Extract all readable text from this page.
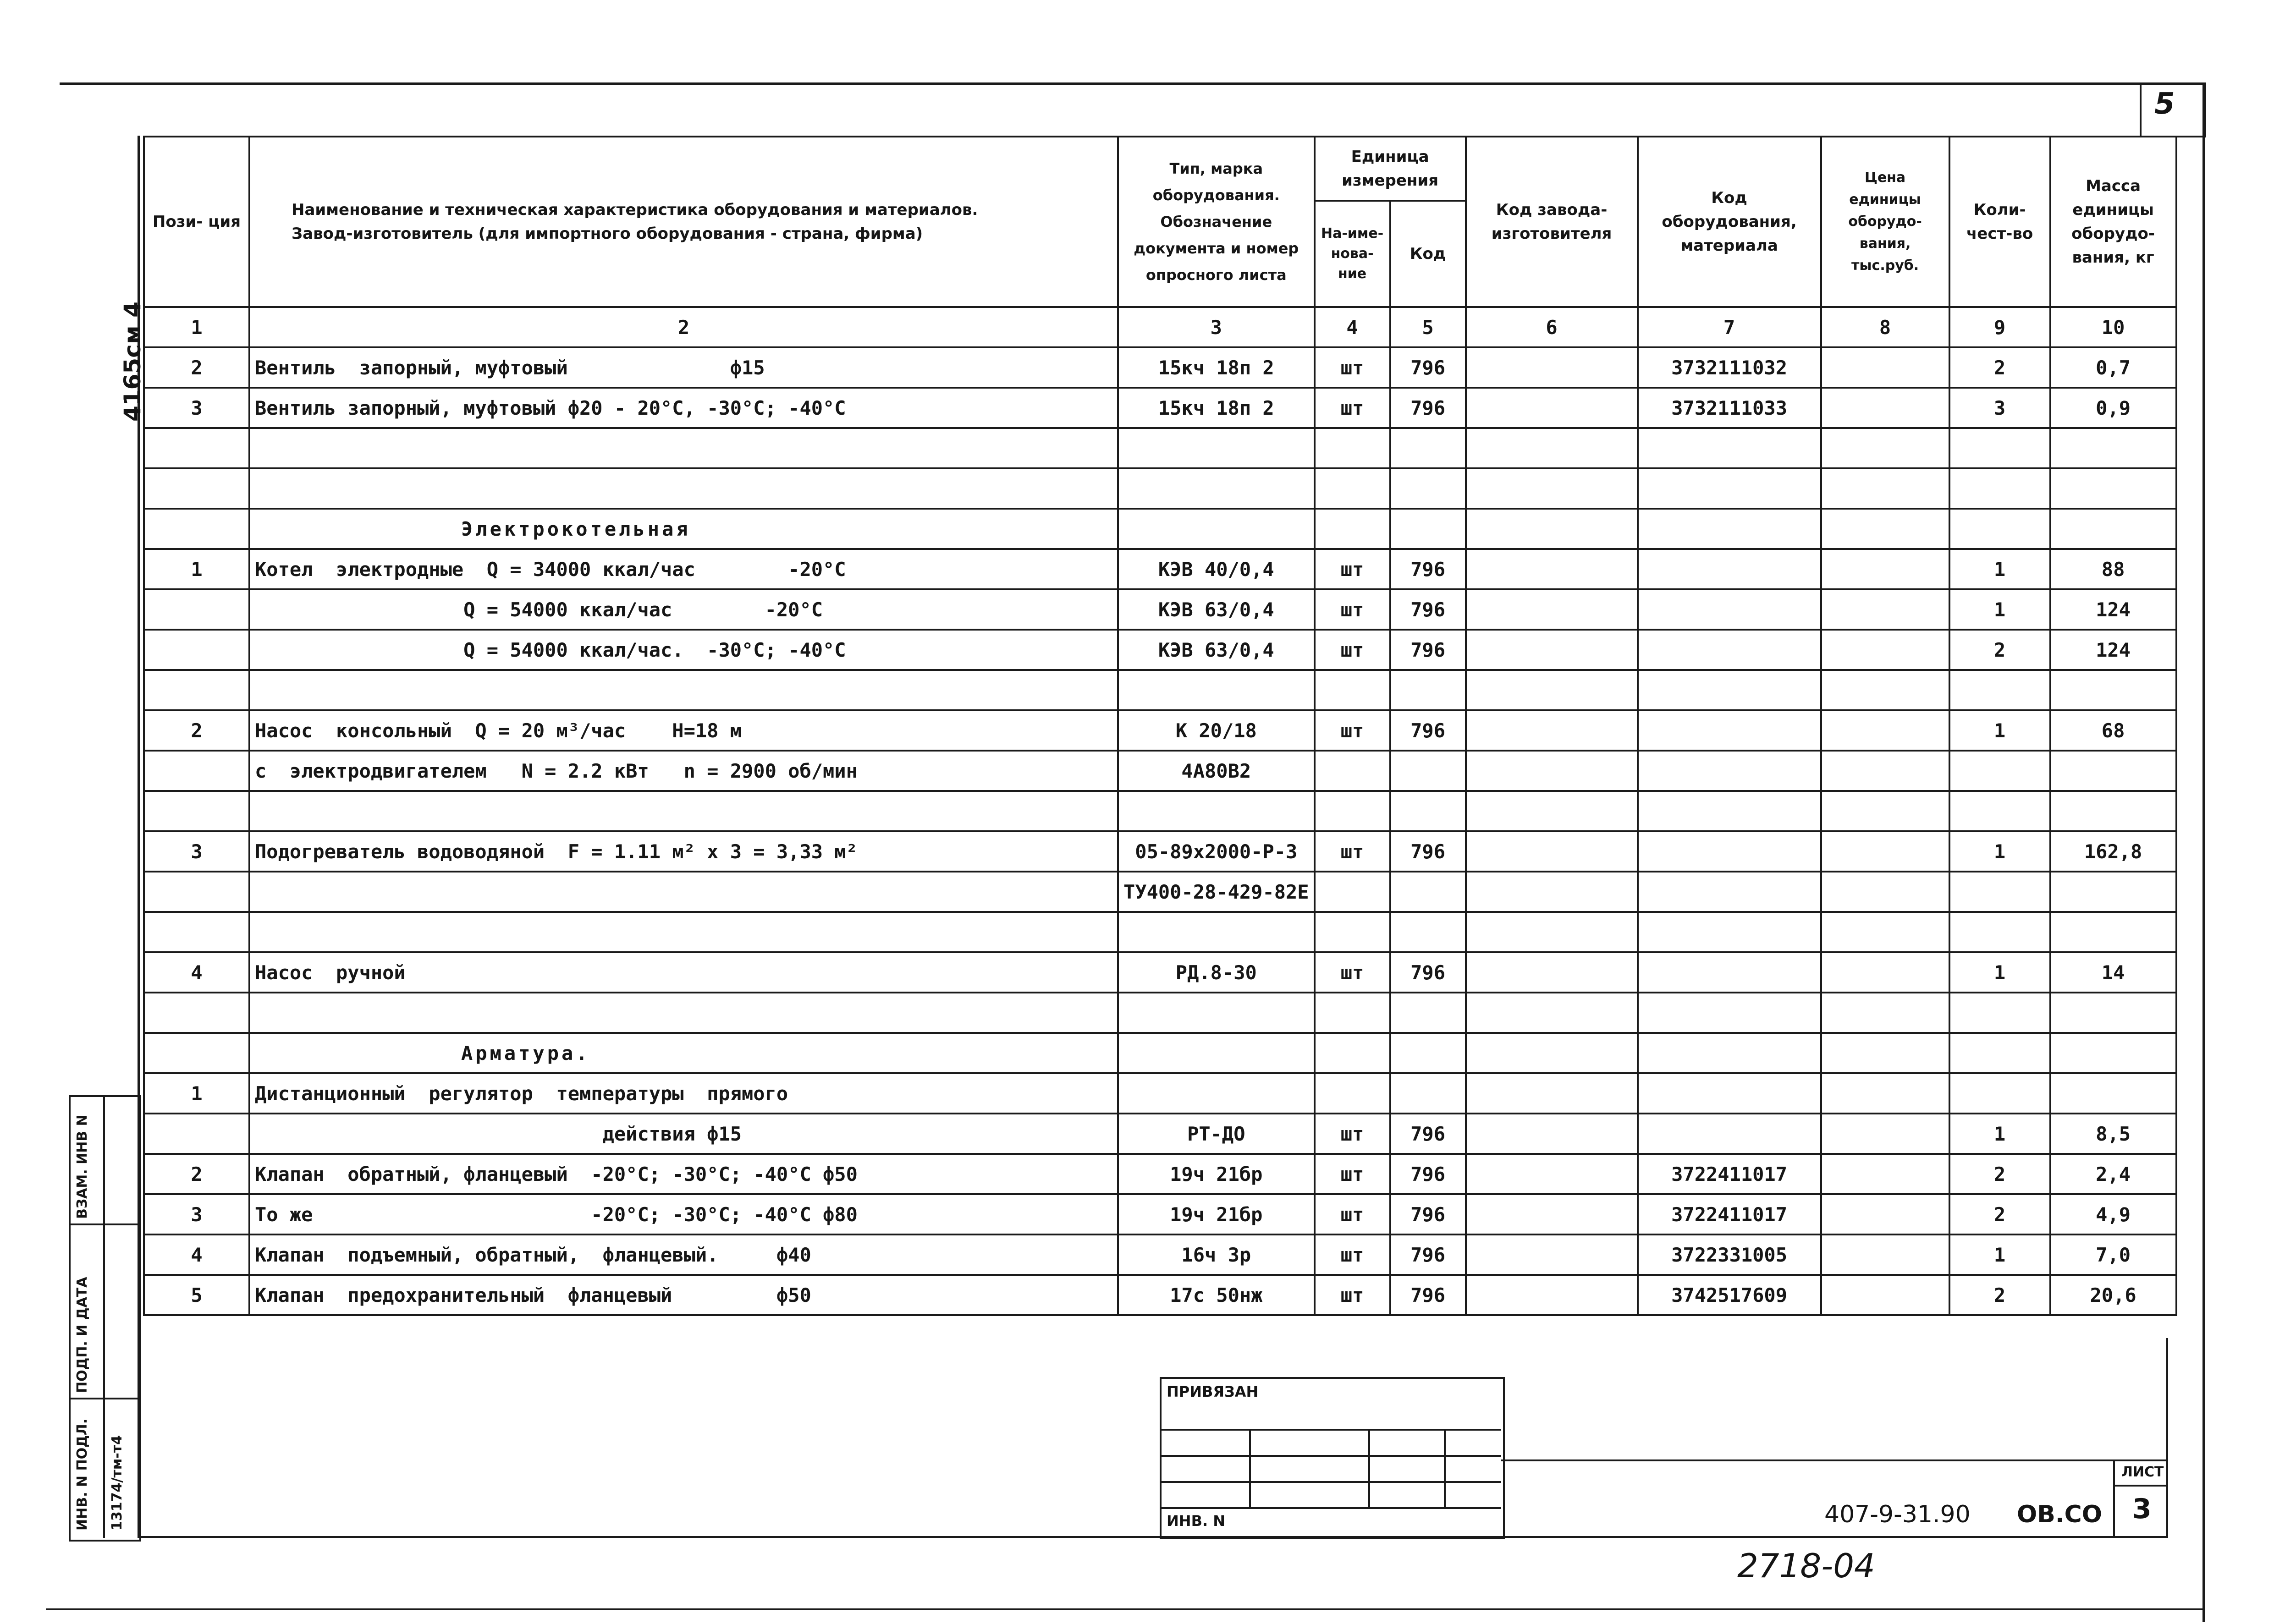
5
4165см 4
Пози- ция	Наименование и техническая характеристика оборудования и материалов.
Завод-изготовитель (для импортного оборудования - страна, фирма)	Тип, марка оборудования. Обозначение документа и номер опросного листа	Единица измерения		Код завода-изготовителя	Код оборудования, материала	Цена единицы оборудо-вания, тыс.руб.	Коли-чест-во	Масса единицы оборудо-вания, кг
			На-име-нова-ние	Код					
1	2	3	4	5	6	7	8	9	10
2	Вентиль  запорный, муфтовый              ф15	15кч 18п 2	шт	796		3732111032		2	0,7
3	Вентиль запорный, муфтовый ф20 - 20°С, -30°С; -40°С	15кч 18п 2	шт	796		3732111033		3	0,9

	Электрокотельная								
1	Котел  электродные  Q = 34000 ккал/час        -20°С	КЭВ 40/0,4	шт	796				1	88
	Q = 54000 ккал/час        -20°С	КЭВ 63/0,4	шт	796				1	124
	Q = 54000 ккал/час.  -30°С; -40°С	КЭВ 63/0,4	шт	796				2	124

2	Насос  консольный  Q = 20 м³/час    Н=18 м	К 20/18	шт	796				1	68
	с  электродвигателем   N = 2.2 кВт   n = 2900 об/мин	4А80В2							

3	Подогреватель водоводяной  F = 1.11 м² x 3 = 3,33 м²	05-89x2000-Р-3	шт	796				1	162,8
		ТУ400-28-429-82Е							

4	Насос  ручной	РД.8-30	шт	796				1	14

	Арматура.								
1	Дистанционный  регулятор  температуры  прямого								
	действия ф15	РТ-ДО	шт	796				1	8,5
2	Клапан  обратный, фланцевый  -20°С; -30°С; -40°С ф50	19ч 21бр	шт	796		3722411017		2	2,4
3	То же                        -20°С; -30°С; -40°С ф80	19ч 21бр	шт	796		3722411017		2	4,9
4	Клапан  подъемный, обратный,  фланцевый.     ф40	16ч 3р	шт	796		3722331005		1	7,0
5	Клапан  предохранительный  фланцевый         ф50	17с 50нж	шт	796		3742517609		2	20,6
ВЗАМ. ИНВ N
ПОДП. И ДАТА
ИНВ. N ПОДЛ. 13174/тм-т4
ПРИВЯЗАН
ИНВ. N
ЛИСТ
3
407-9-31.90 ОВ.СО
2718-04
